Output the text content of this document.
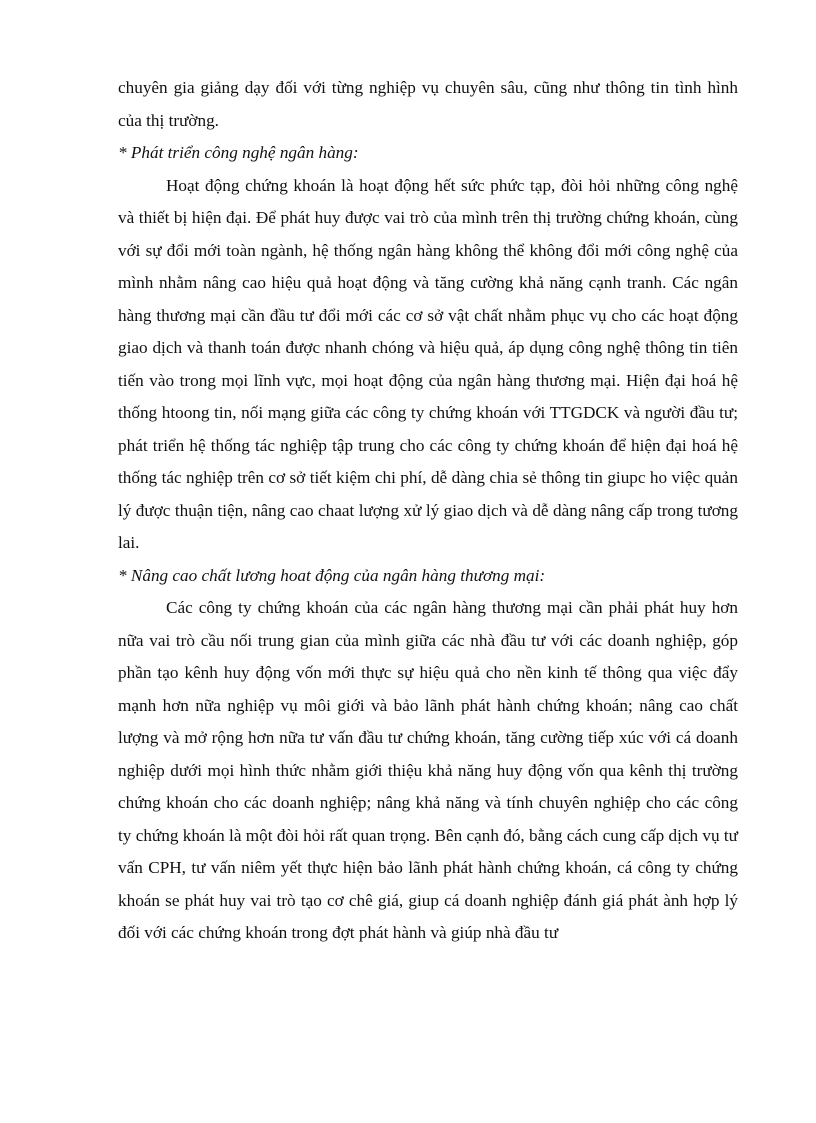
chuyên gia giảng dạy đối với từng nghiệp vụ chuyên sâu, cũng như thông tin tình hình của thị trường.

* Phát triển công nghệ ngân hàng:

Hoạt động chứng khoán là hoạt động hết sức phức tạp, đòi hỏi những công nghệ và thiết bị hiện đại. Để phát huy được vai trò của mình trên thị trường chứng khoán, cùng với sự đổi mới toàn ngành, hệ thống ngân hàng không thể không đổi mới công nghệ của mình nhằm nâng cao hiệu quả hoạt động và tăng cường khả năng cạnh tranh. Các ngân hàng thương mại cần đầu tư đổi mới các cơ sở vật chất nhằm phục vụ cho các hoạt động giao dịch và thanh toán được nhanh chóng và hiệu quả, áp dụng công nghệ thông tin tiên tiến vào trong mọi lĩnh vực, mọi hoạt động của ngân hàng thương mại. Hiện đại hoá hệ thống htoong tin, nối mạng giữa các công ty chứng khoán với TTGDCK và người đầu tư; phát triển hệ thống tác nghiệp tập trung cho các công ty chứng khoán để hiện đại hoá hệ thống tác nghiệp trên cơ sở tiết kiệm chi phí, dễ dàng chia sẻ thông tin giupc ho việc quản lý được thuận tiện, nâng cao chaat lượng xử lý giao dịch và dễ dàng nâng cấp trong tương lai.

* Nâng cao chất lương hoat động của ngân hàng thương mại:

Các công ty chứng khoán của các ngân hàng thương mại cần phải phát huy hơn nữa vai trò cầu nối trung gian của mình giữa các nhà đầu tư với các doanh nghiệp, góp phần tạo kênh huy động vốn mới thực sự hiệu quả cho nền kinh tế thông qua việc đẩy mạnh hơn nữa nghiệp vụ môi giới và bảo lãnh phát hành chứng khoán; nâng cao chất lượng và mở rộng hơn nữa tư vấn đầu tư chứng khoán, tăng cường tiếp xúc với cá doanh nghiệp dưới mọi hình thức nhằm giới thiệu khả năng huy động vốn qua kênh thị trường chứng khoán cho các doanh nghiệp; nâng khả năng và tính chuyên nghiệp cho các công ty chứng khoán là một đòi hỏi rất quan trọng. Bên cạnh đó, bằng cách cung cấp dịch vụ tư vấn CPH, tư vấn niêm yết thực hiện bảo lãnh phát hành chứng khoán, cá công ty chứng khoán se phát huy vai trò tạo cơ chê giá, giup cá doanh nghiệp đánh giá phát ành hợp lý đối với các chứng khoán trong đợt phát hành và giúp nhà đầu tư
